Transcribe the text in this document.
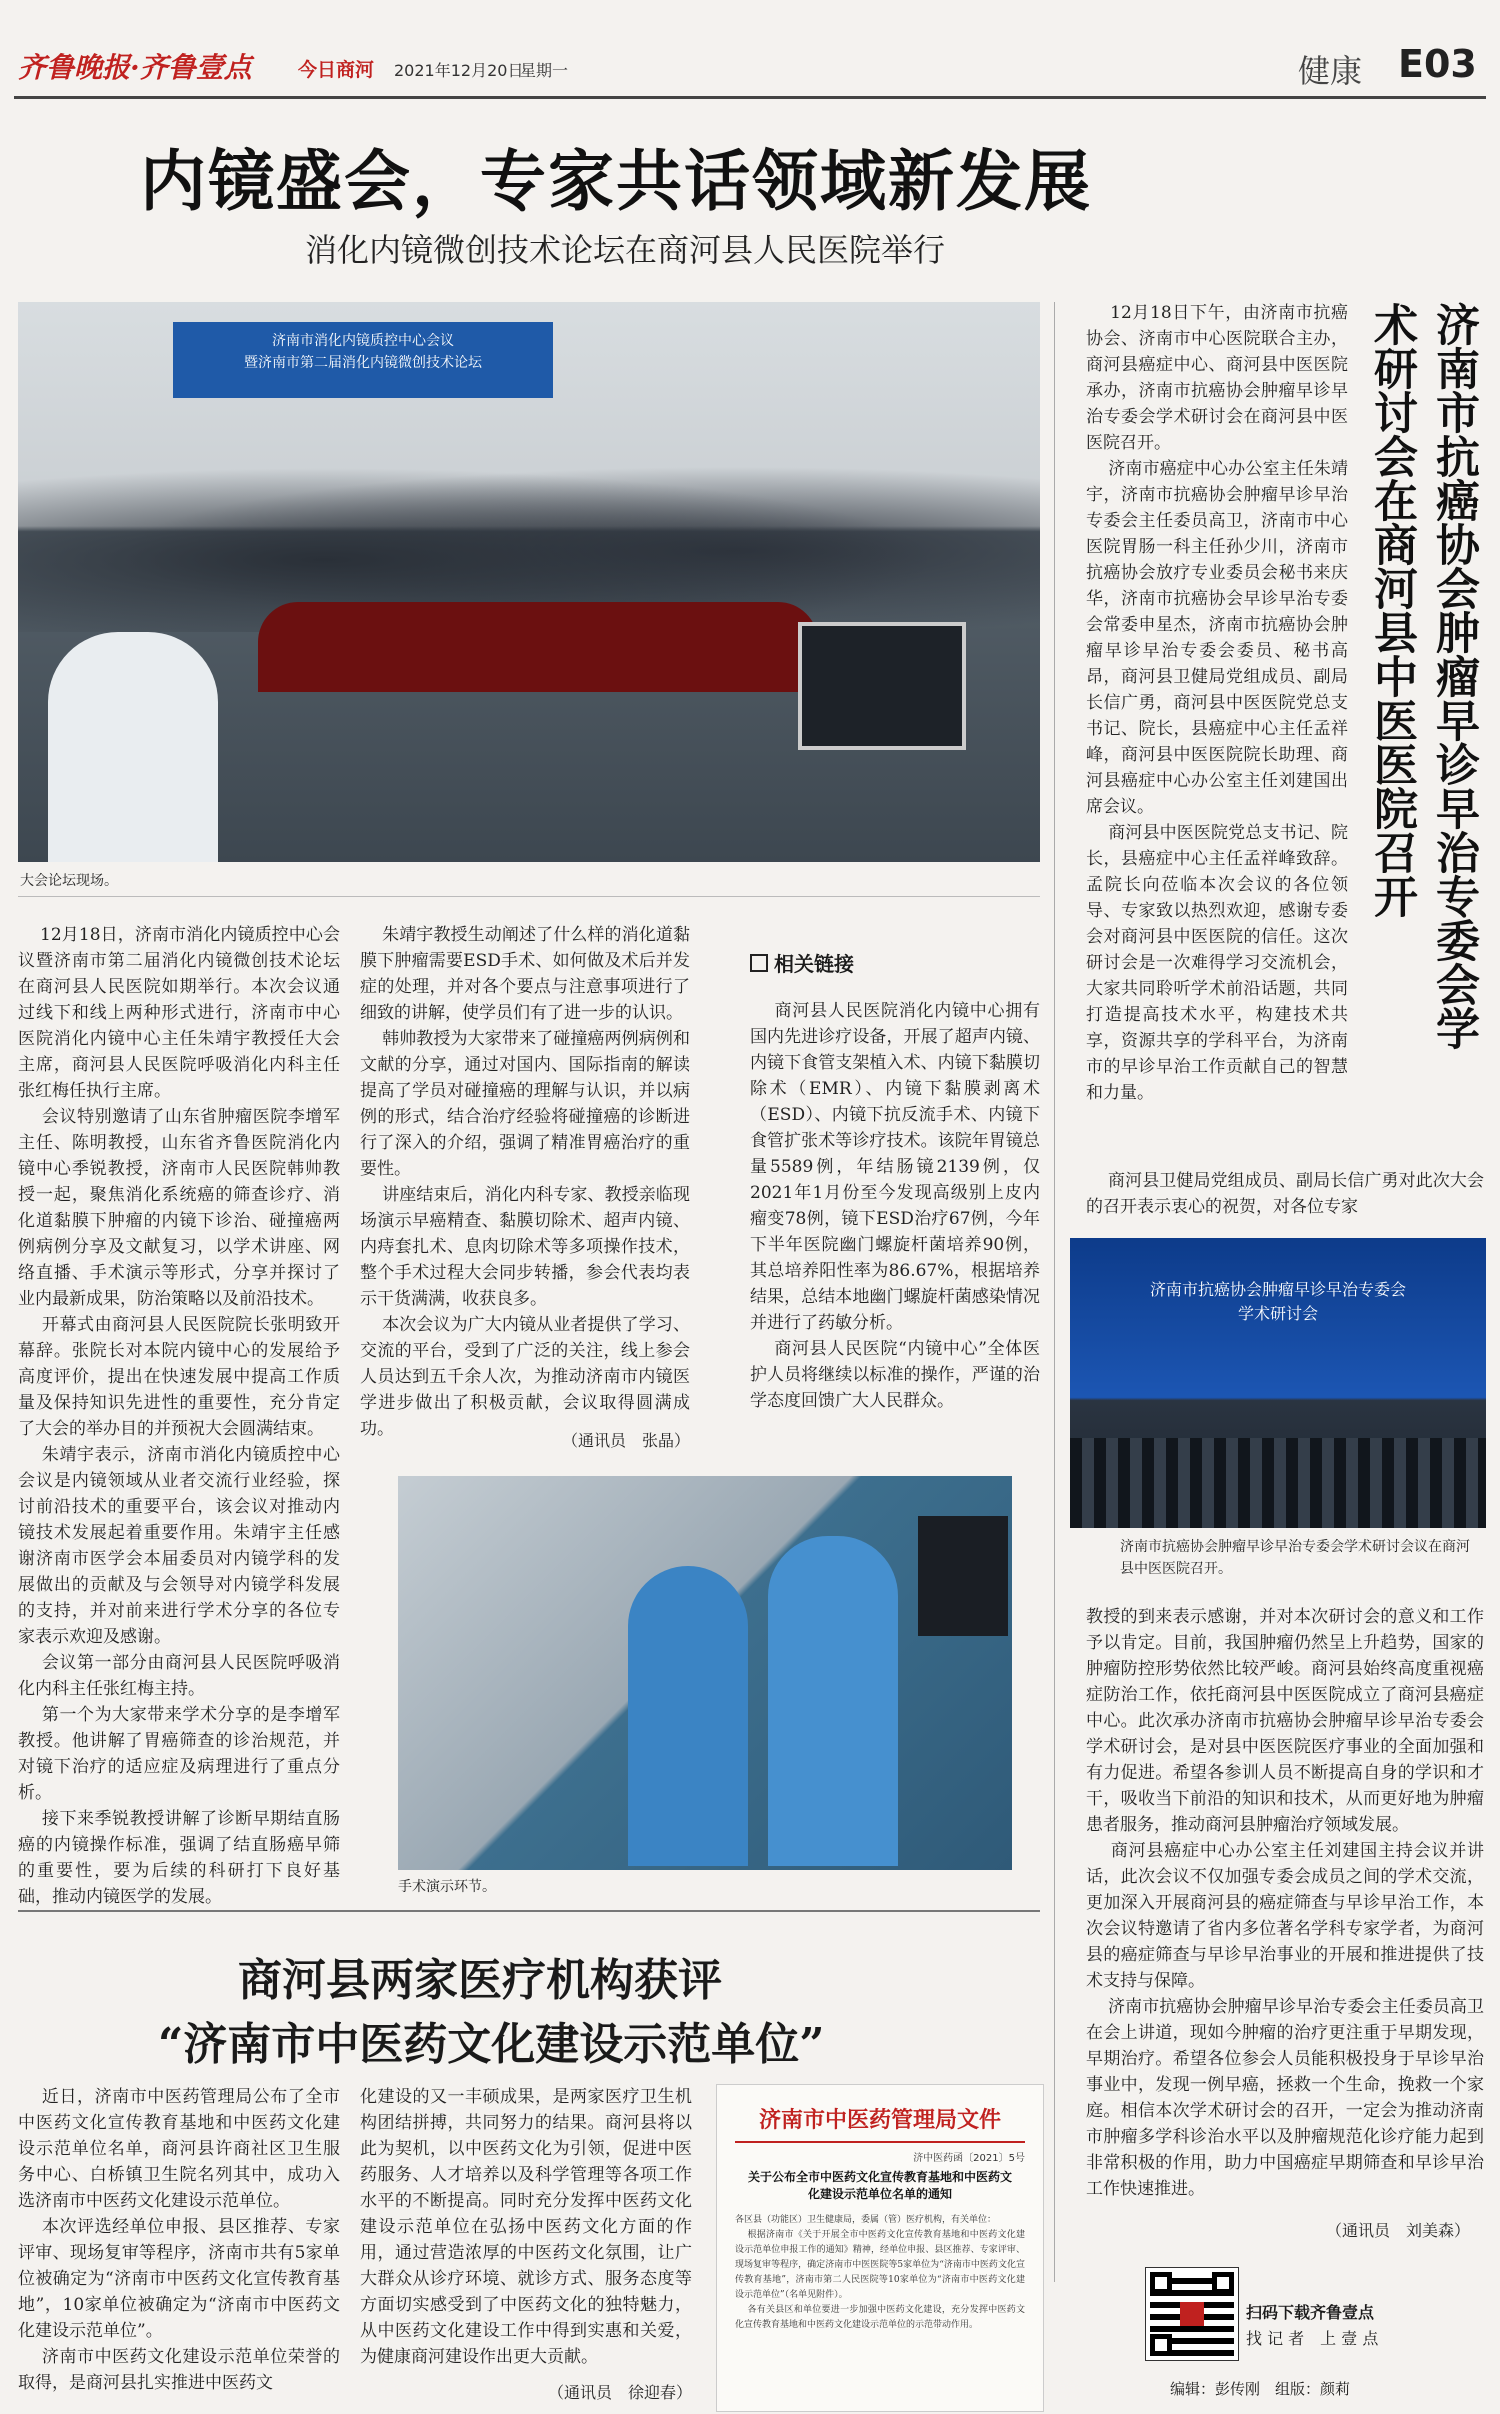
齐鲁晚报·齐鲁壹点	今日商河 2021年12月20日
星期一	健康 E03
内镜盛会，专家共话领域新发展
消化内镜微创技术论坛在商河县人民医院举行
济南市消化内镜质控中心会议
暨济南市第二届消化内镜微创技术论坛
大会论坛现场。

12月18日，济南市消化内镜质控中心会议暨济南市第二届消化内镜微创技术论坛在商河县人民医院如期举行。本次会议通过线下和线上两种形式进行，济南市中心医院消化内镜中心主任朱靖宇教授任大会主席，商河县人民医院呼吸消化内科主任张红梅任执行主席。
会议特别邀请了山东省肿瘤医院李增军主任、陈明教授，山东省齐鲁医院消化内镜中心季锐教授，济南市人民医院韩帅教授一起，聚焦消化系统癌的筛查诊疗、消化道黏膜下肿瘤的内镜下诊治、碰撞癌两例病例分享及文献复习，以学术讲座、网络直播、手术演示等形式，分享并探讨了业内最新成果，防治策略以及前沿技术。
开幕式由商河县人民医院院长张明致开幕辞。张院长对本院内镜中心的发展给予高度评价，提出在快速发展中提高工作质量及保持知识先进性的重要性，充分肯定了大会的举办目的并预祝大会圆满结束。
朱靖宇表示，济南市消化内镜质控中心会议是内镜领域从业者交流行业经验，探讨前沿技术的重要平台，该会议对推动内镜技术发展起着重要作用。朱靖宇主任感谢济南市医学会本届委员对内镜学科的发展做出的贡献及与会领导对内镜学科发展的支持，并对前来进行学术分享的各位专家表示欢迎及感谢。
会议第一部分由商河县人民医院呼吸消化内科主任张红梅主持。
第一个为大家带来学术分享的是李增军教授。他讲解了胃癌筛查的诊治规范，并对镜下治疗的适应症及病理进行了重点分析。
接下来季锐教授讲解了诊断早期结直肠癌的内镜操作标准，强调了结直肠癌早筛的重要性，要为后续的科研打下良好基础，推动内镜医学的发展。

朱靖宇教授生动阐述了什么样的消化道黏膜下肿瘤需要ESD手术、如何做及术后并发症的处理，并对各个要点与注意事项进行了细致的讲解，使学员们有了进一步的认识。
韩帅教授为大家带来了碰撞癌两例病例和文献的分享，通过对国内、国际指南的解读提高了学员对碰撞癌的理解与认识，并以病例的形式，结合治疗经验将碰撞癌的诊断进行了深入的介绍，强调了精准胃癌治疗的重要性。
讲座结束后，消化内科专家、教授亲临现场演示早癌精查、黏膜切除术、超声内镜、内痔套扎术、息肉切除术等多项操作技术，整个手术过程大会同步转播，参会代表均表示干货满满，收获良多。
本次会议为广大内镜从业者提供了学习、交流的平台，受到了广泛的关注，线上参会人员达到五千余人次，为推动济南市内镜医学进步做出了积极贡献，会议取得圆满成功。

（通讯员　张晶）
相关链接

商河县人民医院消化内镜中心拥有国内先进诊疗设备，开展了超声内镜、内镜下食管支架植入术、内镜下黏膜切除术（EMR）、内镜下黏膜剥离术（ESD）、内镜下抗反流手术、内镜下食管扩张术等诊疗技术。该院年胃镜总量5589例，年结肠镜2139例，仅2021年1月份至今发现高级别上皮内瘤变78例，镜下ESD治疗67例，今年下半年医院幽门螺旋杆菌培养90例，其总培养阳性率为86.67%，根据培养结果，总结本地幽门螺旋杆菌感染情况并进行了药敏分析。
商河县人民医院“内镜中心”全体医护人员将继续以标准的操作，严谨的治学态度回馈广大人民群众。

手术演示环节。
济南市抗癌协会肿瘤早诊早治专委会学术研讨会在商河县中医医院召开

12月18日下午，由济南市抗癌协会、济南市中心医院联合主办，商河县癌症中心、商河县中医医院承办，济南市抗癌协会肿瘤早诊早治专委会学术研讨会在商河县中医医院召开。
济南市癌症中心办公室主任朱靖宇，济南市抗癌协会肿瘤早诊早治专委会主任委员高卫，济南市中心医院胃肠一科主任孙少川，济南市抗癌协会放疗专业委员会秘书来庆华，济南市抗癌协会早诊早治专委会常委申星杰，济南市抗癌协会肿瘤早诊早治专委会委员、秘书高昂，商河县卫健局党组成员、副局长信广勇，商河县中医医院党总支书记、院长，县癌症中心主任孟祥峰，商河县中医医院院长助理、商河县癌症中心办公室主任刘建国出席会议。
商河县中医医院党总支书记、院长，县癌症中心主任孟祥峰致辞。孟院长向莅临本次会议的各位领导、专家致以热烈欢迎，感谢专委会对商河县中医医院的信任。这次研讨会是一次难得学习交流机会，大家共同聆听学术前沿话题，共同打造提高技术水平，构建技术共享，资源共享的学科平台，为济南市的早诊早治工作贡献自己的智慧和力量。

商河县卫健局党组成员、副局长信广勇对此次大会的召开表示衷心的祝贺，对各位专家

济南市抗癌协会肿瘤早诊早治专委会
学术研讨会
济南市抗癌协会肿瘤早诊早治专委会学术研讨会议在商河县中医医院召开。

教授的到来表示感谢，并对本次研讨会的意义和工作予以肯定。目前，我国肿瘤仍然呈上升趋势，国家的肿瘤防控形势依然比较严峻。商河县始终高度重视癌症防治工作，依托商河县中医医院成立了商河县癌症中心。此次承办济南市抗癌协会肿瘤早诊早治专委会学术研讨会，是对县中医医院医疗事业的全面加强和有力促进。希望各参训人员不断提高自身的学识和才干，吸收当下前沿的知识和技术，从而更好地为肿瘤患者服务，推动商河县肿瘤治疗领域发展。
商河县癌症中心办公室主任刘建国主持会议并讲话，此次会议不仅加强专委会成员之间的学术交流，更加深入开展商河县的癌症筛查与早诊早治工作，本次会议特邀请了省内多位著名学科专家学者，为商河县的癌症筛查与早诊早治事业的开展和推进提供了技术支持与保障。
济南市抗癌协会肿瘤早诊早治专委会主任委员高卫在会上讲道，现如今肿瘤的治疗更注重于早期发现，早期治疗。希望各位参会人员能积极投身于早诊早治事业中，发现一例早癌，拯救一个生命，挽救一个家庭。相信本次学术研讨会的召开，一定会为推动济南市肿瘤多学科诊治水平以及肿瘤规范化诊疗能力起到非常积极的作用，助力中国癌症早期筛查和早诊早治工作快速推进。

（通讯员　刘美森）
商河县两家医疗机构获评
“济南市中医药文化建设示范单位”

近日，济南市中医药管理局公布了全市中医药文化宣传教育基地和中医药文化建设示范单位名单，商河县许商社区卫生服务中心、白桥镇卫生院名列其中，成功入选济南市中医药文化建设示范单位。
本次评选经单位申报、县区推荐、专家评审、现场复审等程序，济南市共有5家单位被确定为“济南市中医药文化宣传教育基地”，10家单位被确定为“济南市中医药文化建设示范单位”。
济南市中医药文化建设示范单位荣誉的取得，是商河县扎实推进中医药文

化建设的又一丰硕成果，是两家医疗卫生机构团结拼搏，共同努力的结果。商河县将以此为契机，以中医药文化为引领，促进中医药服务、人才培养以及科学管理等各项工作水平的不断提高。同时充分发挥中医药文化建设示范单位在弘扬中医药文化方面的作用，通过营造浓厚的中医药文化氛围，让广大群众从诊疗环境、就诊方式、服务态度等方面切实感受到了中医药文化的独特魅力，从中医药文化建设工作中得到实惠和关爱，为健康商河建设作出更大贡献。

（通讯员　徐迎春）
济南市中医药管理局文件
济中医药函〔2021〕5号
关于公布全市中医药文化宣传教育基地和中医药文化建设示范单位名单的通知
各区县（功能区）卫生健康局，委属（管）医疗机构，有关单位：
根据济南市《关于开展全市中医药文化宣传教育基地和中医药文化建设示范单位申报工作的通知》精神，经单位申报、县区推荐、专家评审、现场复审等程序，确定济南市中医医院等5家单位为“济南市中医药文化宣传教育基地”，济南市第二人民医院等10家单位为“济南市中医药文化建设示范单位”（名单见附件）。
各有关县区和单位要进一步加强中医药文化建设，充分发挥中医药文化宣传教育基地和中医药文化建设示范单位的示范带动作用。
扫码下载齐鲁壹点
找 记 者　上 壹 点
编辑：彭传刚　组版：颜莉
